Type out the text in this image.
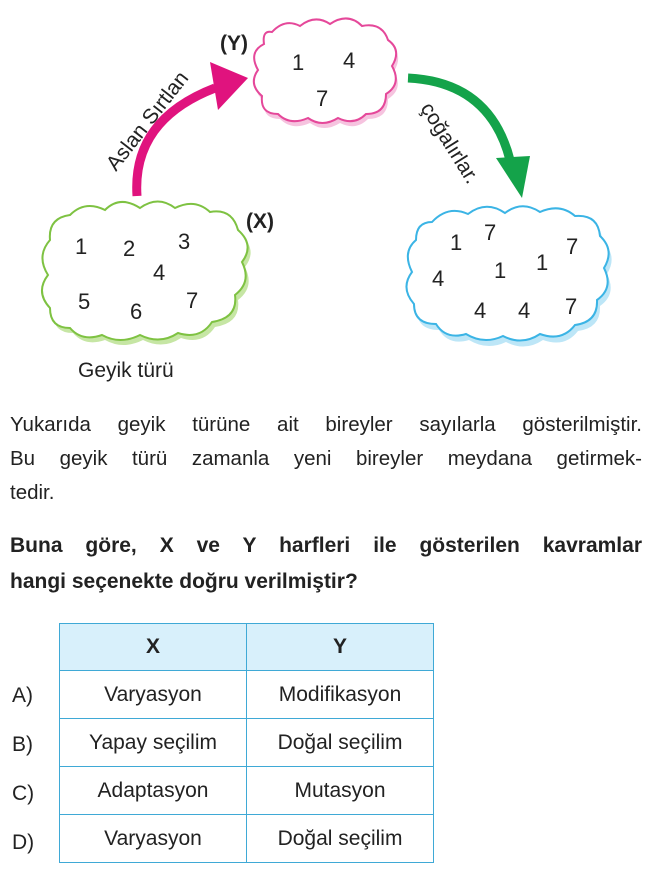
1 2 3
4
5 6 7
(X)
Geyik türü
1 4
7
(Y)
1 7
7
4 1 1
4 4 7
Aslan Sırtlan	çoğalırlar.

Yukarıda geyik türüne ait bireyler sayılarla gösterilmiştir.
Bu geyik türü zamanla yeni bireyler meydana getirmek-
tedir.

Buna göre, X ve Y harfleri ile gösterilen kavramlar
hangi seçenekte doğru verilmiştir?

X	Y
Varyasyon	Modifikasyon
Yapay seçilim	Doğal seçilim
Adaptasyon	Mutasyon
Varyasyon	Doğal seçilim
A)
B)
C)
D)
